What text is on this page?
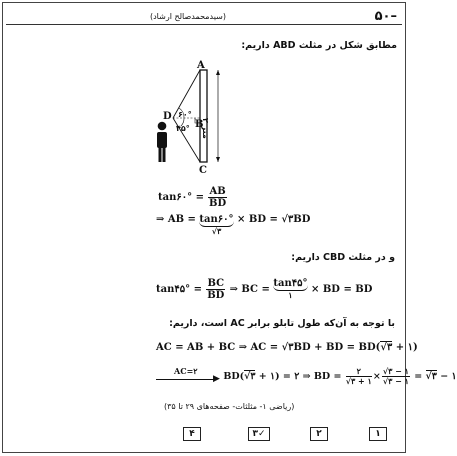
۵۰–
(سیدمحمدصالح ارشاد)
مطابق شکل در مثلث ABD داریم:
A
B
C
D ۶۰°
۴۵°
۲ متر
tan۶۰° = $\frac{AB}{BD}$
⇒ AB = tan۶۰°
√۳
× BD = √۳BD
و در مثلث CBD داریم:
tan۴۵° = $\frac{BC}{BD}$ ⇒ BC =
tan۴۵°
۱	× BD = BD
با توجه به آن‌که طول تابلو برابر AC است، داریم:
AC = AB + BC ⇒ AC = √۳BD + BD = BD(√۳ + ۱)
AC=۲
▶ BD(√۳ + ۱) = ۲ ⇒ BD = $\frac{۲}{√۳ + ۱} \times \frac{√۳ - ۱}{√۳ - ۱}$ = √۳ − ۱
(ریاضی ۱- مثلثات- صفحه‌های ۲۹ تا ۳۵)
۴	۳✓	۲	۱
